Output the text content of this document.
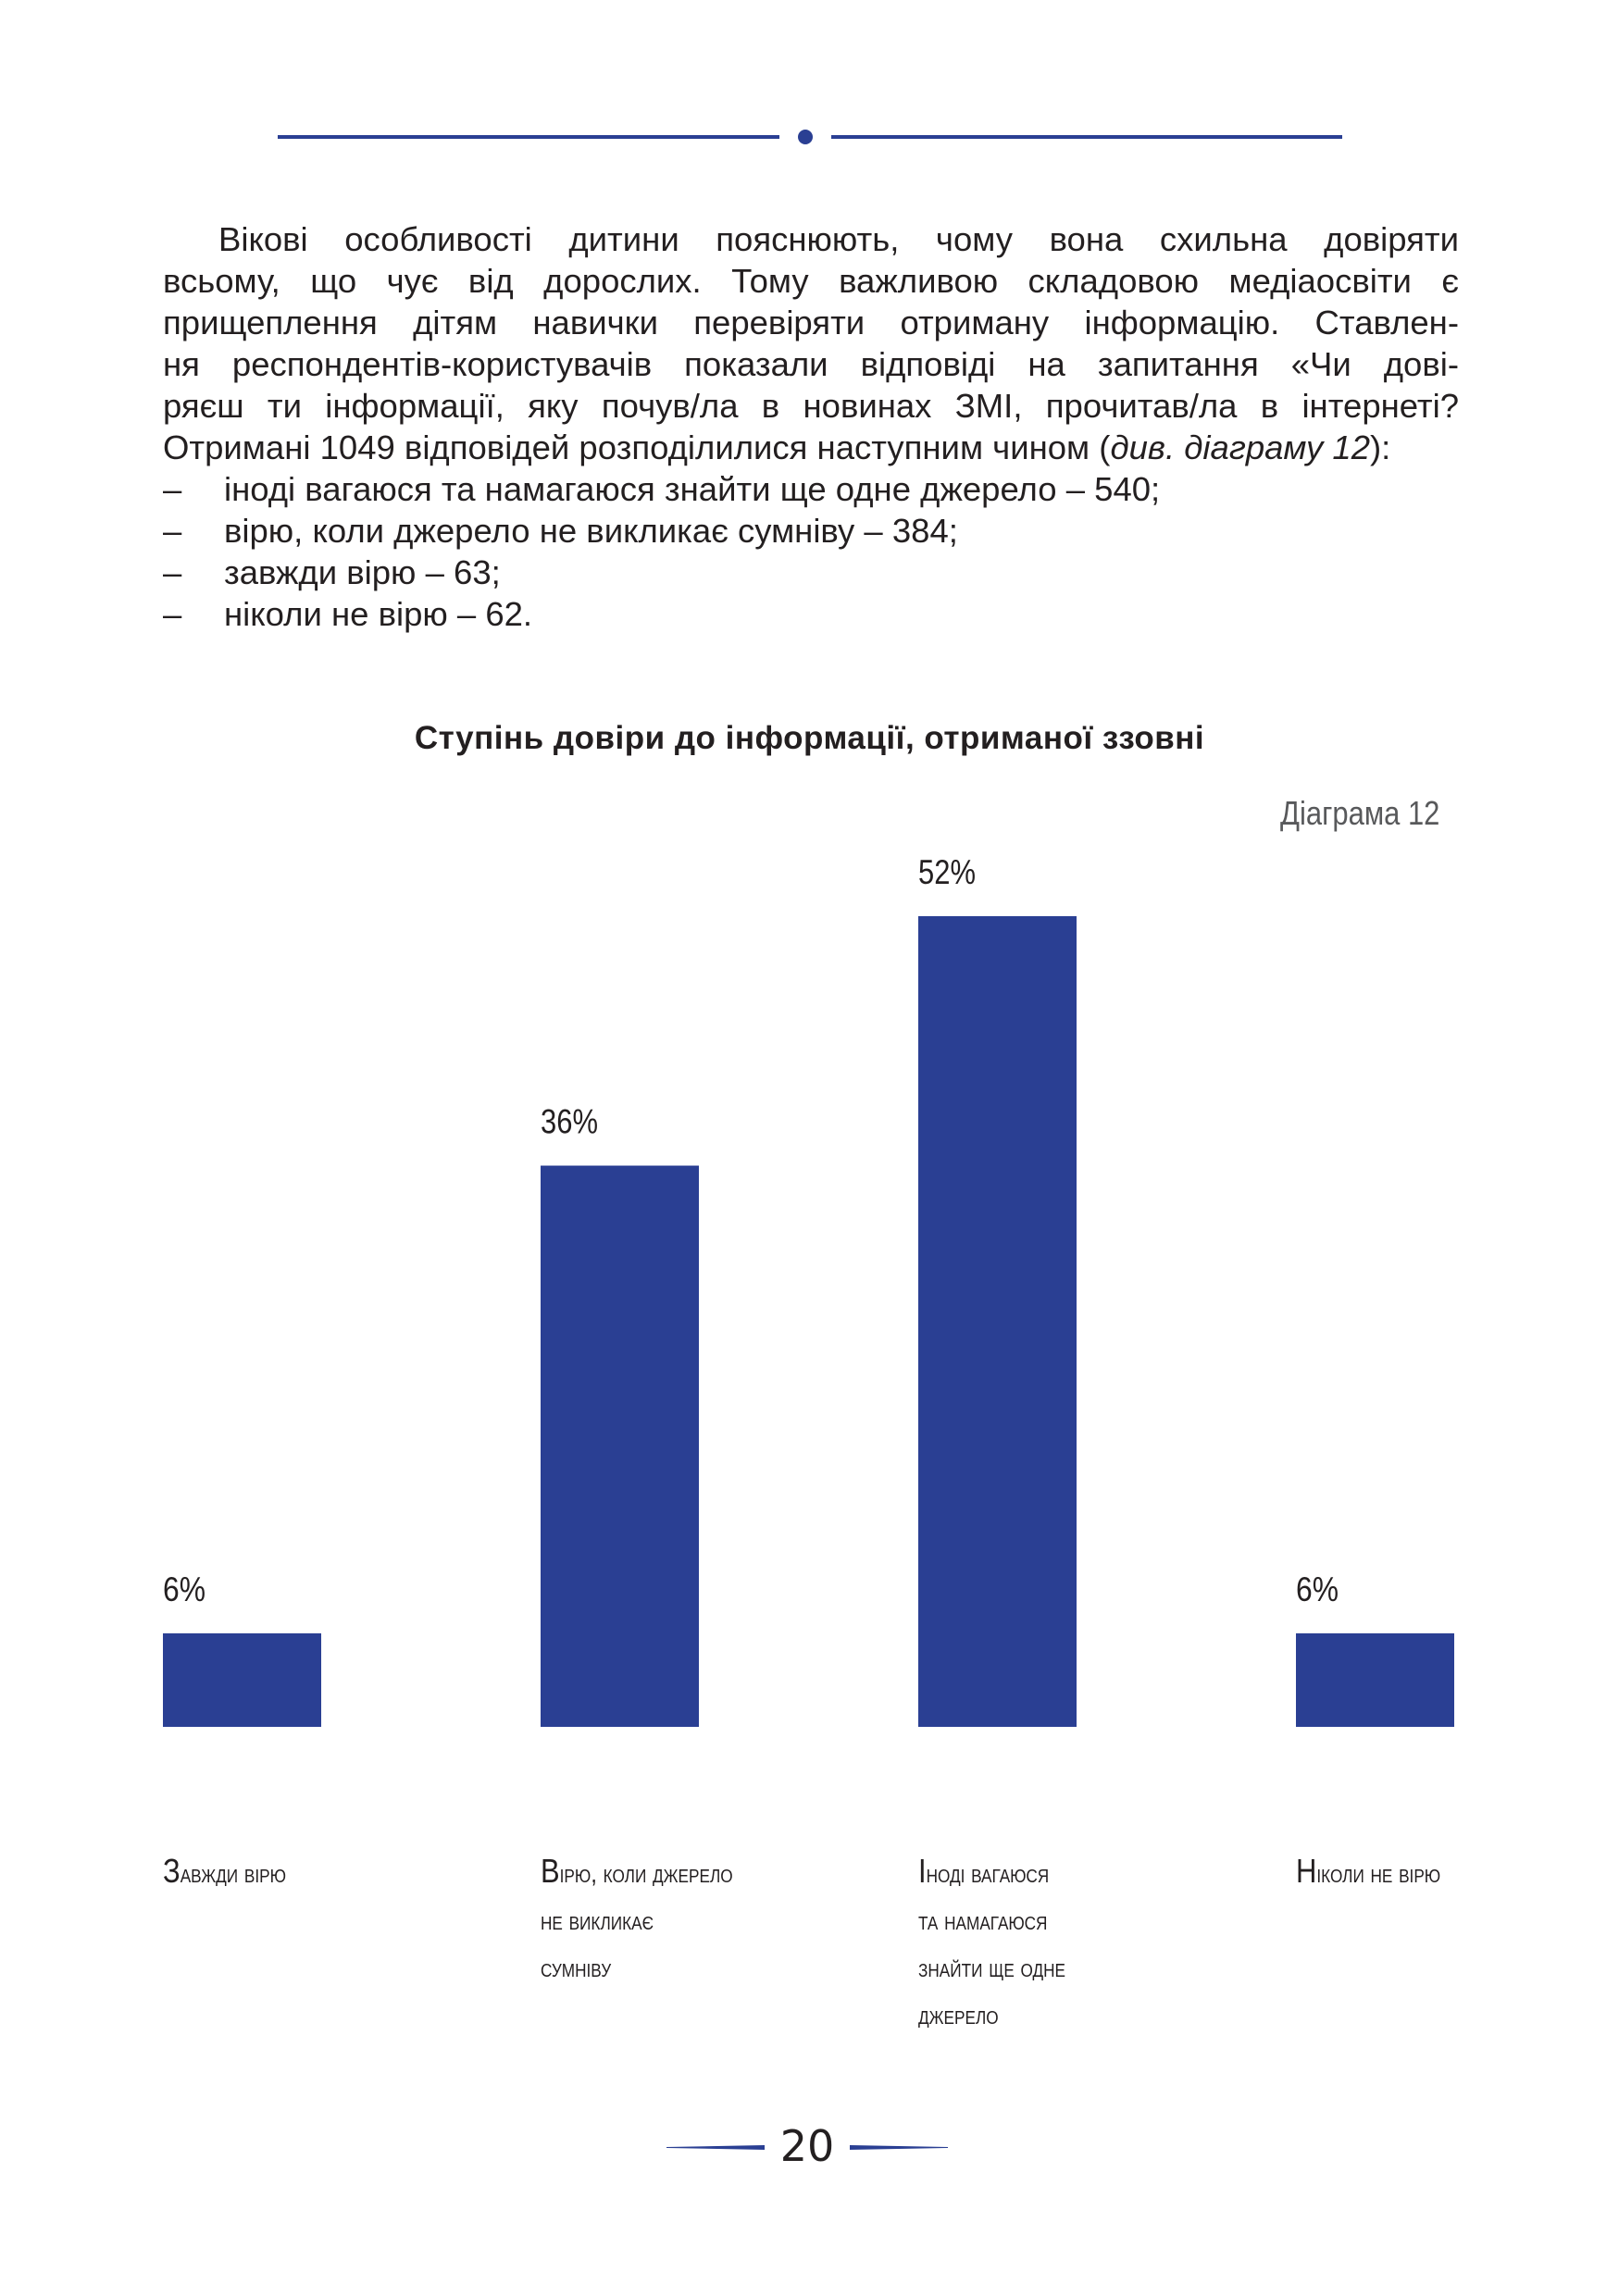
Вікові особливості дитини пояснюють, чому вона схильна довіряти
всьому, що чує від дорослих. Тому важливою складовою медіаосвіти є
прищеплення дітям навички перевіряти отриману інформацію. Ставлен-
ня респондентів-користувачів показали відповіді на запитання «Чи дові-
ряєш ти інформації, яку почув/ла в новинах ЗМІ, прочитав/ла в інтернеті?
Отримані 1049 відповідей розподілилися наступним чином (див. діаграму 12):
– іноді вагаюся та намагаюся знайти ще одне джерело – 540;
– вірю, коли джерело не викликає сумніву – 384;
– завжди вірю – 63;
– ніколи не вірю – 62.
Ступінь довіри до інформації, отриманої ззовні
Діаграма 12
6%
36%
52%
6%
Завжди вірю	Вірю, коли джерело
не викликає
сумніву
Іноді вагаюся
та намагаюся
знайти ще одне
джерело
Ніколи не вірю
20
